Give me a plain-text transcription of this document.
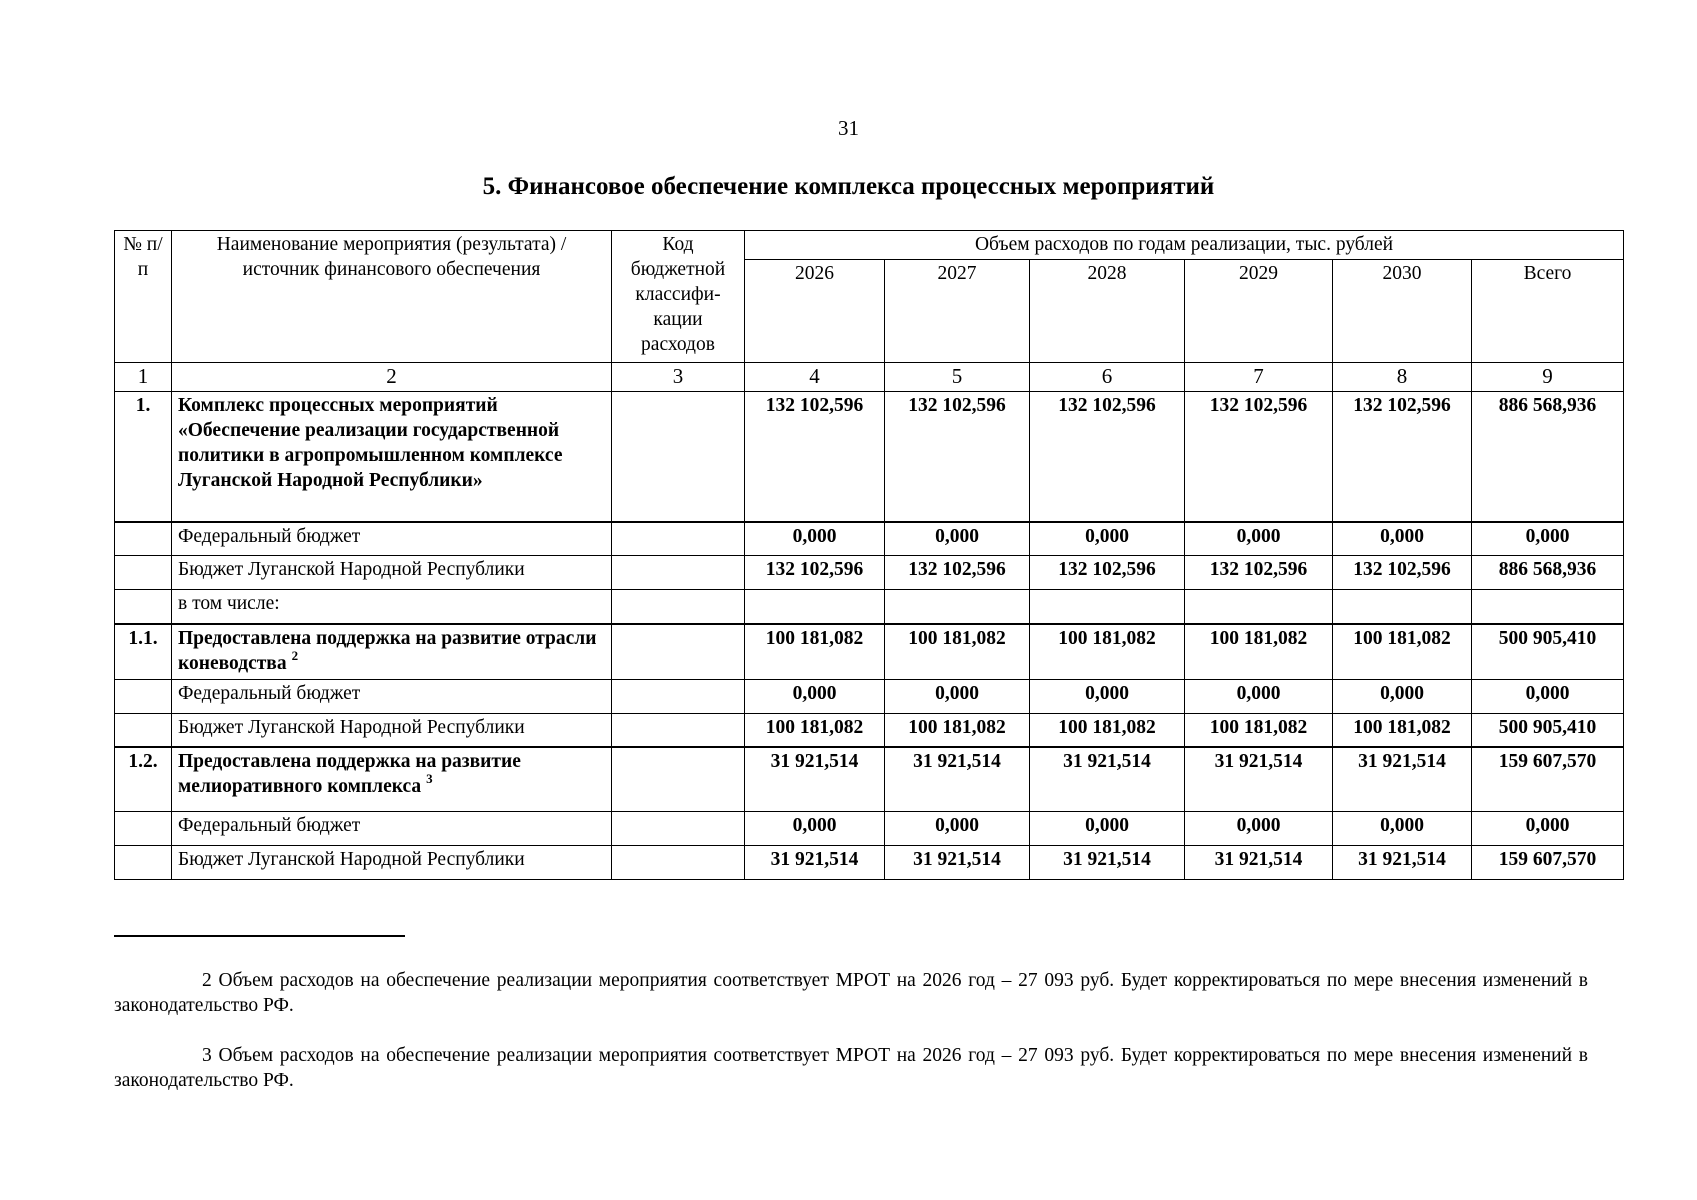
31
5. Финансовое обеспечение комплекса процессных мероприятий
№ п/п	Наименование мероприятия (результата) / источник финансового обеспечения	Код бюджетной классифи- кации расходов	Объем расходов по годам реализации, тыс. рублей					
			2026	2027	2028	2029	2030	Всего
1	2	3	4	5	6	7	8	9
1.	Комплекс процессных мероприятий «Обеспечение реализации государственной политики в агропромышленном комплексе Луганской Народной Республики»		132 102,596	132 102,596	132 102,596	132 102,596	132 102,596	886 568,936
	Федеральный бюджет		0,000	0,000	0,000	0,000	0,000	0,000
	Бюджет Луганской Народной Республики		132 102,596	132 102,596	132 102,596	132 102,596	132 102,596	886 568,936
	в том числе:							
1.1.	Предоставлена поддержка на развитие отрасли коневодства $^2$		100 181,082	100 181,082	100 181,082	100 181,082	100 181,082	500 905,410
	Федеральный бюджет		0,000	0,000	0,000	0,000	0,000	0,000
	Бюджет Луганской Народной Республики		100 181,082	100 181,082	100 181,082	100 181,082	100 181,082	500 905,410
1.2.	Предоставлена поддержка на развитие мелиоративного комплекса $^3$		31 921,514	31 921,514	31 921,514	31 921,514	31 921,514	159 607,570
	Федеральный бюджет		0,000	0,000	0,000	0,000	0,000	0,000
	Бюджет Луганской Народной Республики		31 921,514	31 921,514	31 921,514	31 921,514	31 921,514	159 607,570

2 Объем расходов на обеспечение реализации мероприятия соответствует МРОТ на 2026 год – 27 093 руб. Будет корректироваться по мере внесения изменений в законодательство РФ.

3 Объем расходов на обеспечение реализации мероприятия соответствует МРОТ на 2026 год – 27 093 руб. Будет корректироваться по мере внесения изменений в законодательство РФ.
